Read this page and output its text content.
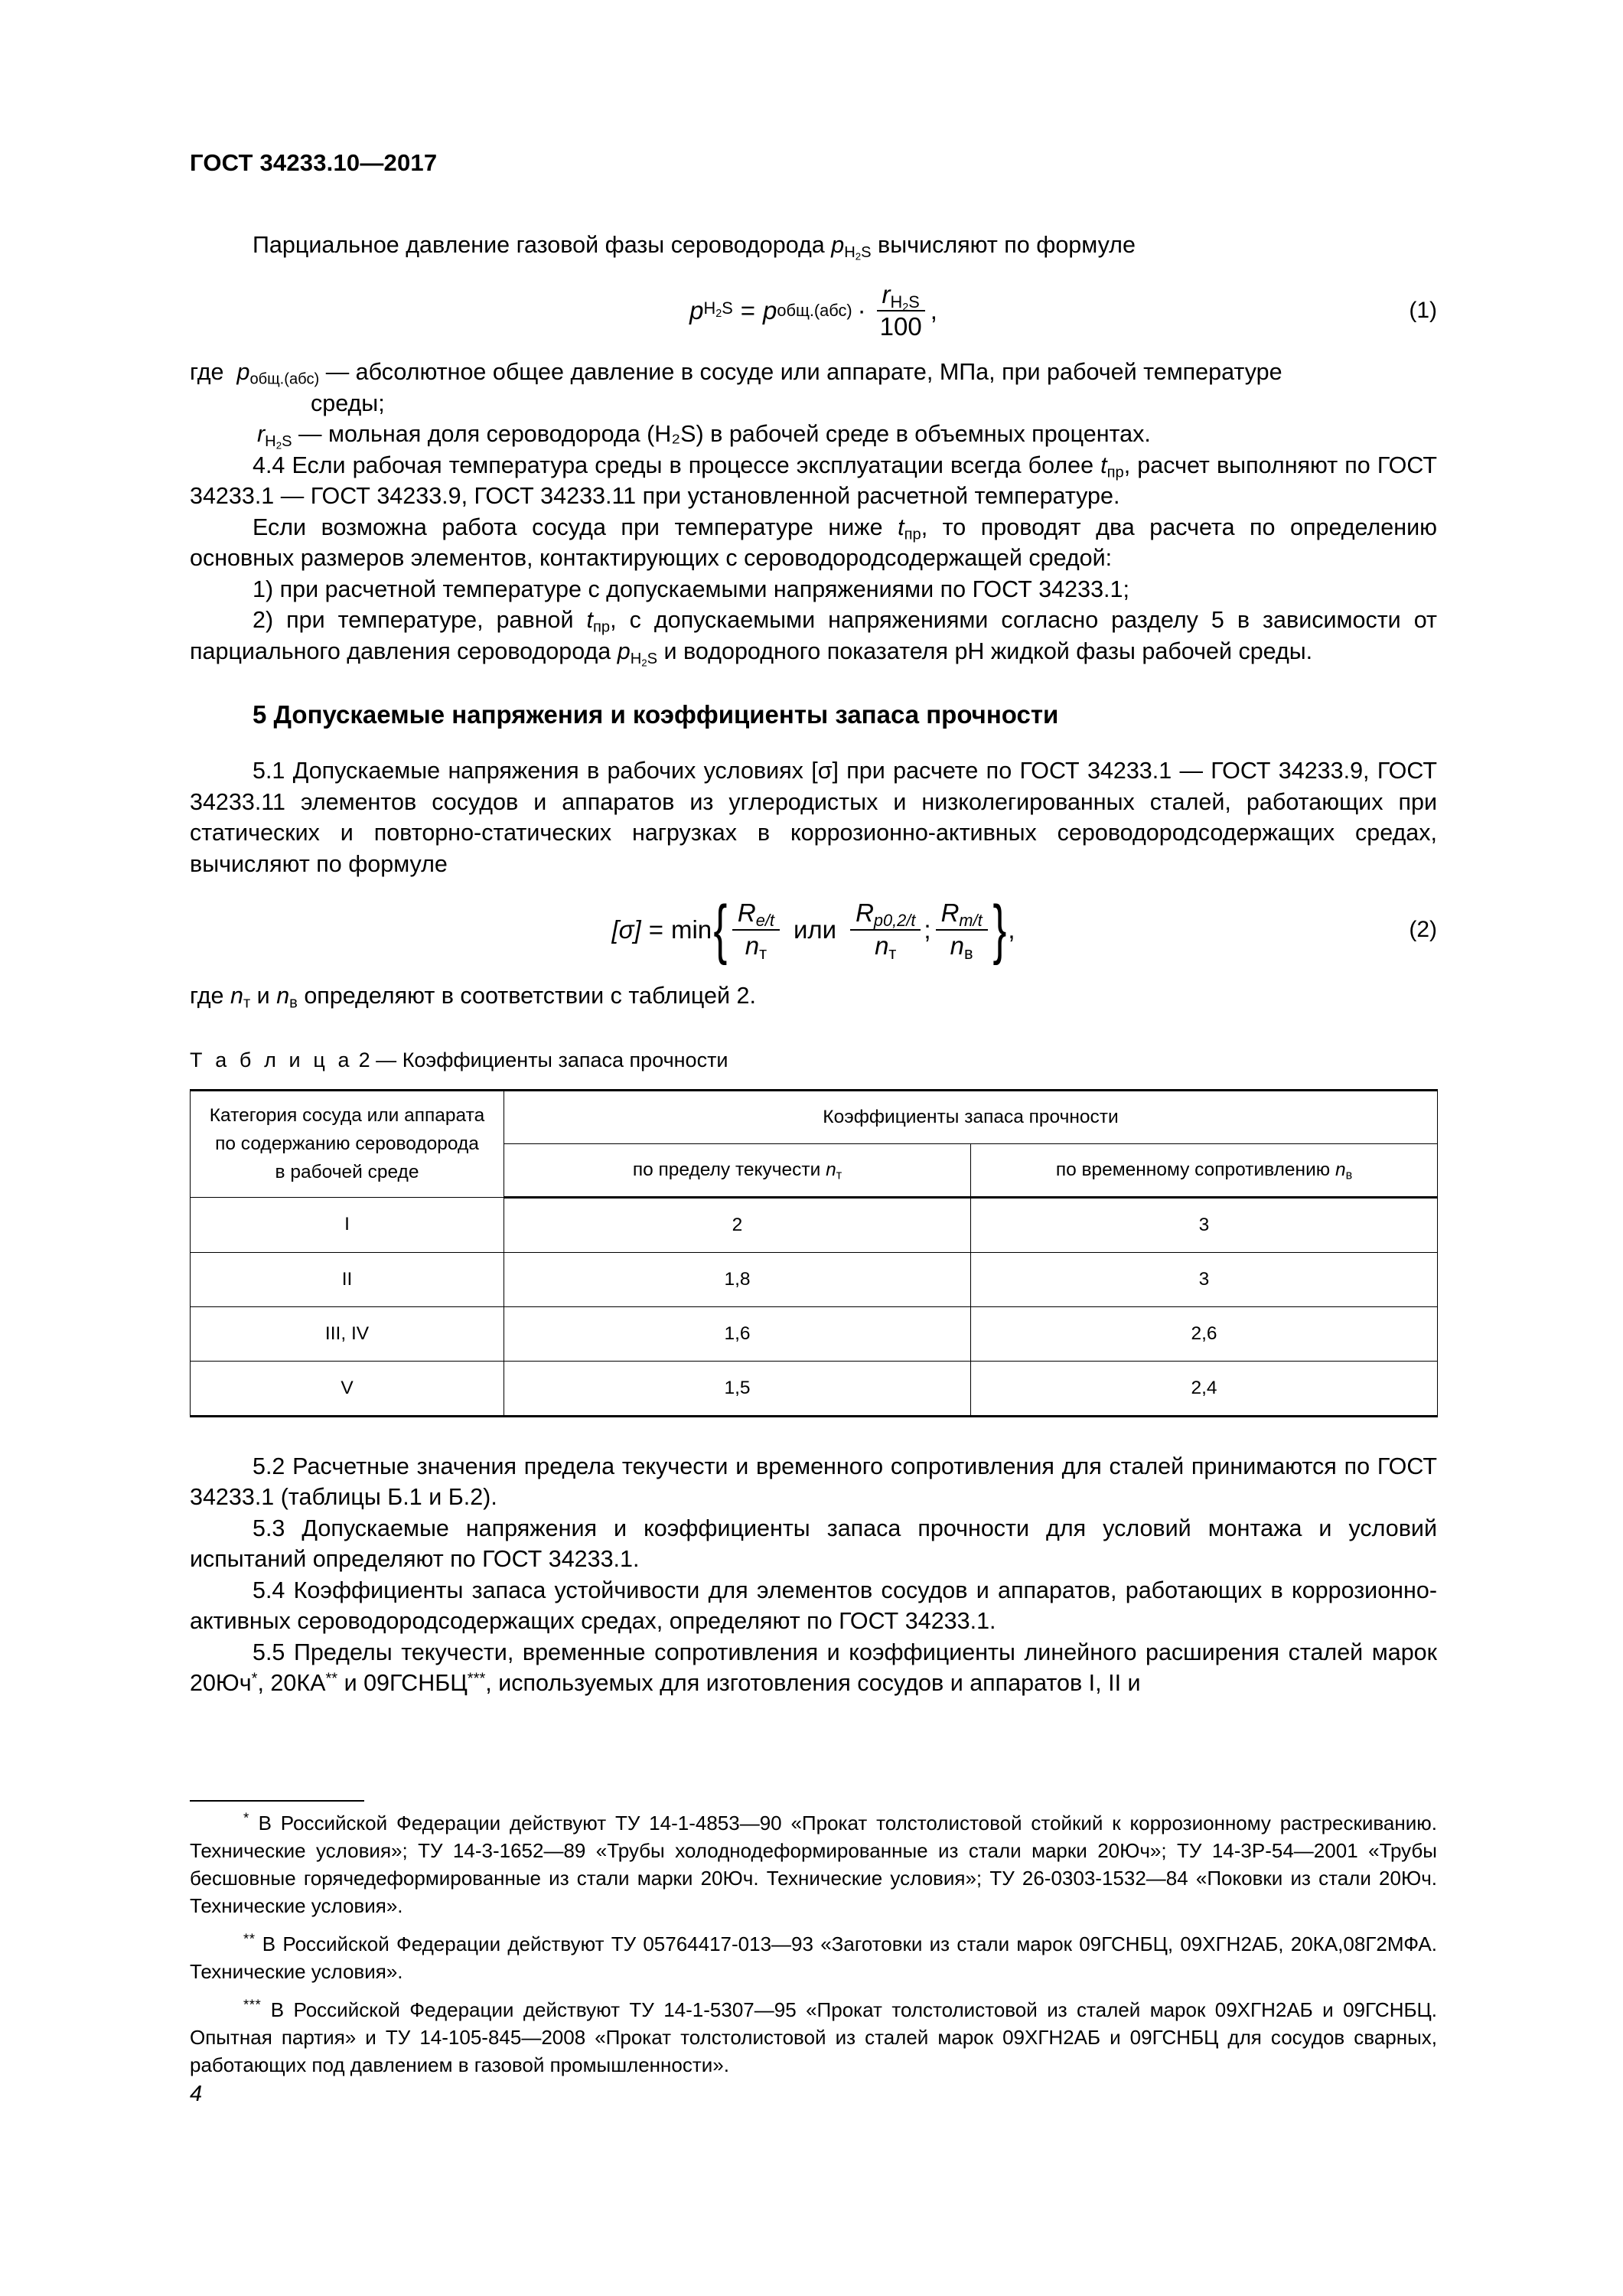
ГОСТ 34233.10—2017

Парциальное давление газовой фазы сероводорода $p_{H_2S}$ вычисляют по формуле

p $H_2S = p$ $общ.(абс) \cdot \frac{r_{H_2S}}{100}$ ,	(1)

где $p_{общ.(абс)}$ — абсолютное общее давление в сосуде или аппарате, МПа, при рабочей температуре

среды;

$r_{H_2S}$ — мольная доля сероводорода (H₂S) в рабочей среде в объемных процентах.

4.4 Если рабочая температура среды в процессе эксплуатации всегда более $t_{пр}$, расчет выполняют по ГОСТ 34233.1 — ГОСТ 34233.9, ГОСТ 34233.11 при установленной расчетной температуре.

Если возможна работа сосуда при температуре ниже $t_{пр}$, то проводят два расчета по определению основных размеров элементов, контактирующих с сероводородсодержащей средой:

1) при расчетной температуре с допускаемыми напряжениями по ГОСТ 34233.1;

2) при температуре, равной $t_{пр}$, с допускаемыми напряжениями согласно разделу 5 в зависимости от парциального давления сероводорода $p_{H_2S}$ и водородного показателя pH жидкой фазы рабочей среды.

5 Допускаемые напряжения и коэффициенты запаса прочности

5.1 Допускаемые напряжения в рабочих условиях [σ] при расчете по ГОСТ 34233.1 — ГОСТ 34233.9, ГОСТ 34233.11 элементов сосудов и аппаратов из углеродистых и низколегированных сталей, работающих при статических и повторно-статических нагрузках в коррозионно-активных сероводородсодержащих средах, вычисляют по формуле

[σ] = min { $\frac{R_{e/t}}{n_т}$ или $\frac{R_{p0,2/t}}{n_т}$ ; $\frac{R_{m/t}}{n_в}$ } ,	(2)

где $n_т$ и $n_в$ определяют в соответствии с таблицей 2.

Т а б л и ц а 2 — Коэффициенты запаса прочности

Категория сосуда или аппарата
по содержанию сероводорода
в рабочей среде	Коэффициенты запаса прочности	
	по пределу текучести $n_т$	по временному сопротивлению $n_в$
I	2	3
II	1,8	3
III, IV	1,6	2,6
V	1,5	2,4

5.2 Расчетные значения предела текучести и временного сопротивления для сталей принимаются по ГОСТ 34233.1 (таблицы Б.1 и Б.2).

5.3 Допускаемые напряжения и коэффициенты запаса прочности для условий монтажа и условий испытаний определяют по ГОСТ 34233.1.

5.4 Коэффициенты запаса устойчивости для элементов сосудов и аппаратов, работающих в коррозионно-активных сероводородсодержащих средах, определяют по ГОСТ 34233.1.

5.5 Пределы текучести, временные сопротивления и коэффициенты линейного расширения сталей марок 20Юч*, 20КА** и 09ГСНБЦ***, используемых для изготовления сосудов и аппаратов I, II и

* В Российской Федерации действуют ТУ 14-1-4853—90 «Прокат толстолистовой стойкий к коррозионному растрескиванию. Технические условия»; ТУ 14-3-1652—89 «Трубы холоднодеформированные из стали марки 20Юч»; ТУ 14-3Р-54—2001 «Трубы бесшовные горячедеформированные из стали марки 20Юч. Технические условия»; ТУ 26-0303-1532—84 «Поковки из стали 20Юч. Технические условия».

** В Российской Федерации действуют ТУ 05764417-013—93 «Заготовки из стали марок 09ГСНБЦ, 09ХГН2АБ, 20КА,08Г2МФА. Технические условия».

*** В Российской Федерации действуют ТУ 14-1-5307—95 «Прокат толстолистовой из сталей марок 09ХГН2АБ и 09ГСНБЦ. Опытная партия» и ТУ 14-105-845—2008 «Прокат толстолистовой из сталей марок 09ХГН2АБ и 09ГСНБЦ для сосудов сварных, работающих под давлением в газовой промышленности».

4
